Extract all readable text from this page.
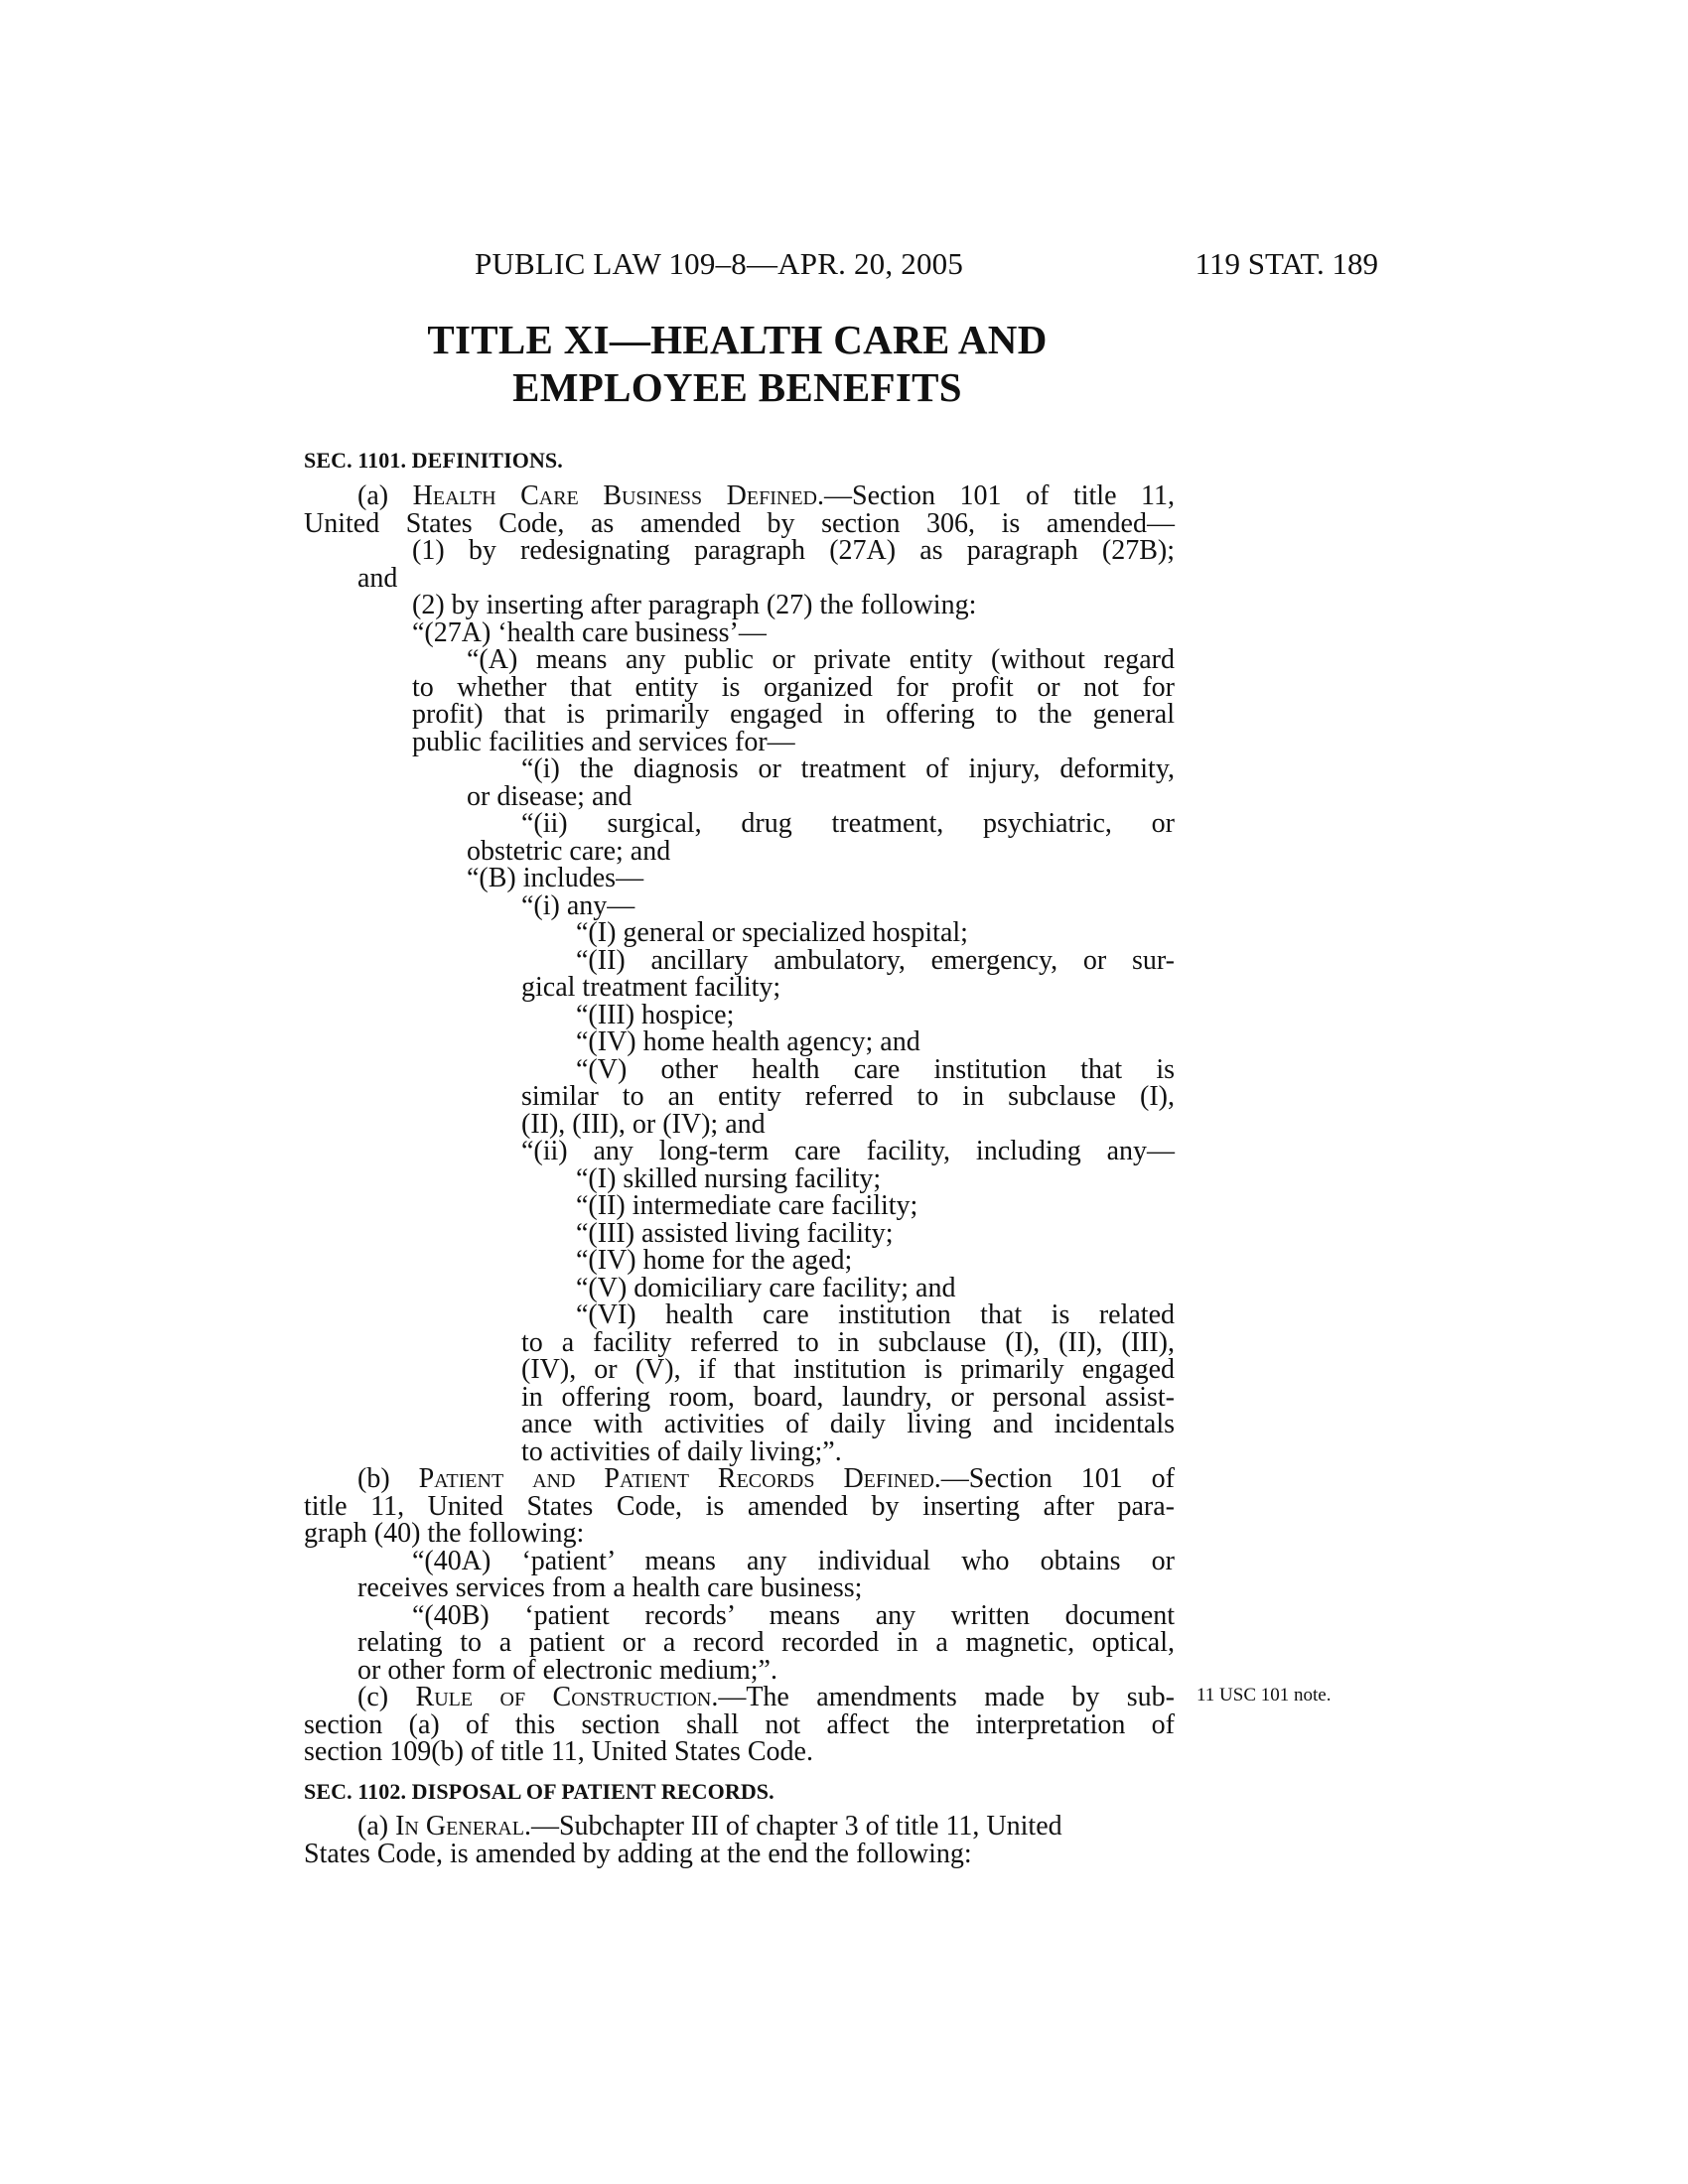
PUBLIC LAW 109–8—APR. 20, 2005	119 STAT. 189
TITLE XI—HEALTH CARE AND
EMPLOYEE BENEFITS
SEC. 1101. DEFINITIONS.

(a) Health Care Business Defined.—Section 101 of title 11,

United States Code, as amended by section 306, is amended—

(1) by redesignating paragraph (27A) as paragraph (27B);

and

(2) by inserting after paragraph (27) the following:

“(27A) ‘health care business’—

“(A) means any public or private entity (without regard

to whether that entity is organized for profit or not for

profit) that is primarily engaged in offering to the general

public facilities and services for—

“(i) the diagnosis or treatment of injury, deformity,

or disease; and

“(ii) surgical, drug treatment, psychiatric, or

obstetric care; and

“(B) includes—

“(i) any—

“(I) general or specialized hospital;

“(II) ancillary ambulatory, emergency, or sur-

gical treatment facility;

“(III) hospice;

“(IV) home health agency; and

“(V) other health care institution that is

similar to an entity referred to in subclause (I),

(II), (III), or (IV); and

“(ii) any long-term care facility, including any—

“(I) skilled nursing facility;

“(II) intermediate care facility;

“(III) assisted living facility;

“(IV) home for the aged;

“(V) domiciliary care facility; and

“(VI) health care institution that is related

to a facility referred to in subclause (I), (II), (III),

(IV), or (V), if that institution is primarily engaged

in offering room, board, laundry, or personal assist-

ance with activities of daily living and incidentals

to activities of daily living;”.

(b) Patient and Patient Records Defined.—Section 101 of

title 11, United States Code, is amended by inserting after para-

graph (40) the following:

“(40A) ‘patient’ means any individual who obtains or

receives services from a health care business;

“(40B) ‘patient records’ means any written document

relating to a patient or a record recorded in a magnetic, optical,

or other form of electronic medium;”.

(c) Rule of Construction.—The amendments made by sub-

section (a) of this section shall not affect the interpretation of

section 109(b) of title 11, United States Code.

11 USC 101 note.
SEC. 1102. DISPOSAL OF PATIENT RECORDS.

(a) In General.—Subchapter III of chapter 3 of title 11, United

States Code, is amended by adding at the end the following:
